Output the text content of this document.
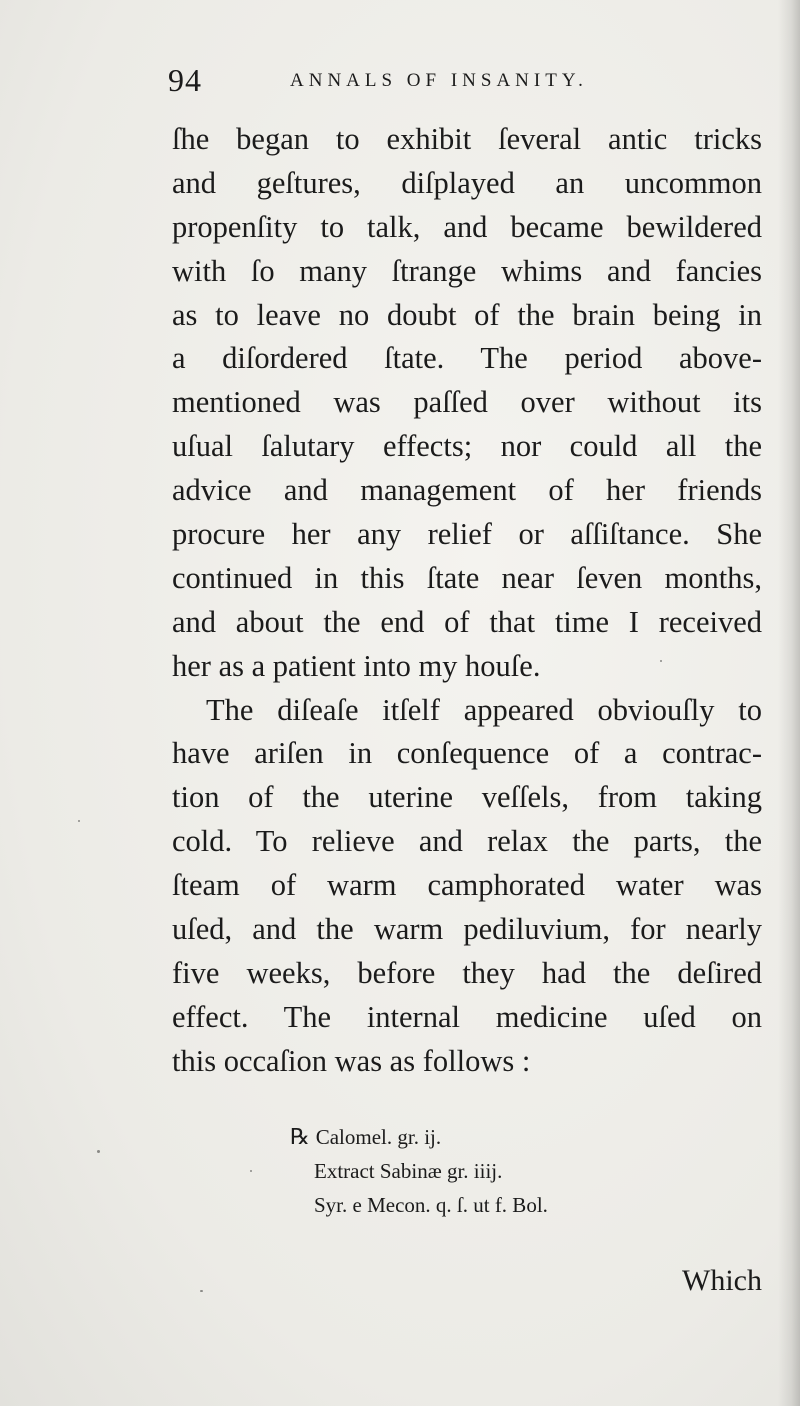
94	ANNALS OF INSANITY.
ſhe began to exhibit ſeveral antic tricks
and geſtures, diſplayed an uncommon
propenſity to talk, and became bewildered
with ſo many ſtrange whims and fancies
as to leave no doubt of the brain being in
a diſordered ſtate. The period above-
mentioned was paſſed over without its
uſual ſalutary effects; nor could all the
advice and management of her friends
procure her any relief or aſſiſtance. She
continued in this ſtate near ſeven months,
and about the end of that time I received
her as a patient into my houſe.
The diſeaſe itſelf appeared obviouſly to
have ariſen in conſequence of a contrac-
tion of the uterine veſſels, from taking
cold. To relieve and relax the parts, the
ſteam of warm camphorated water was
uſed, and the warm pediluvium, for nearly
five weeks, before they had the deſired
effect. The internal medicine uſed on
this occaſion was as follows :
℞ Calomel. gr. ij.
Extract Sabinæ gr. iiij.
Syr. e Mecon. q. ſ. ut f. Bol.
Which
